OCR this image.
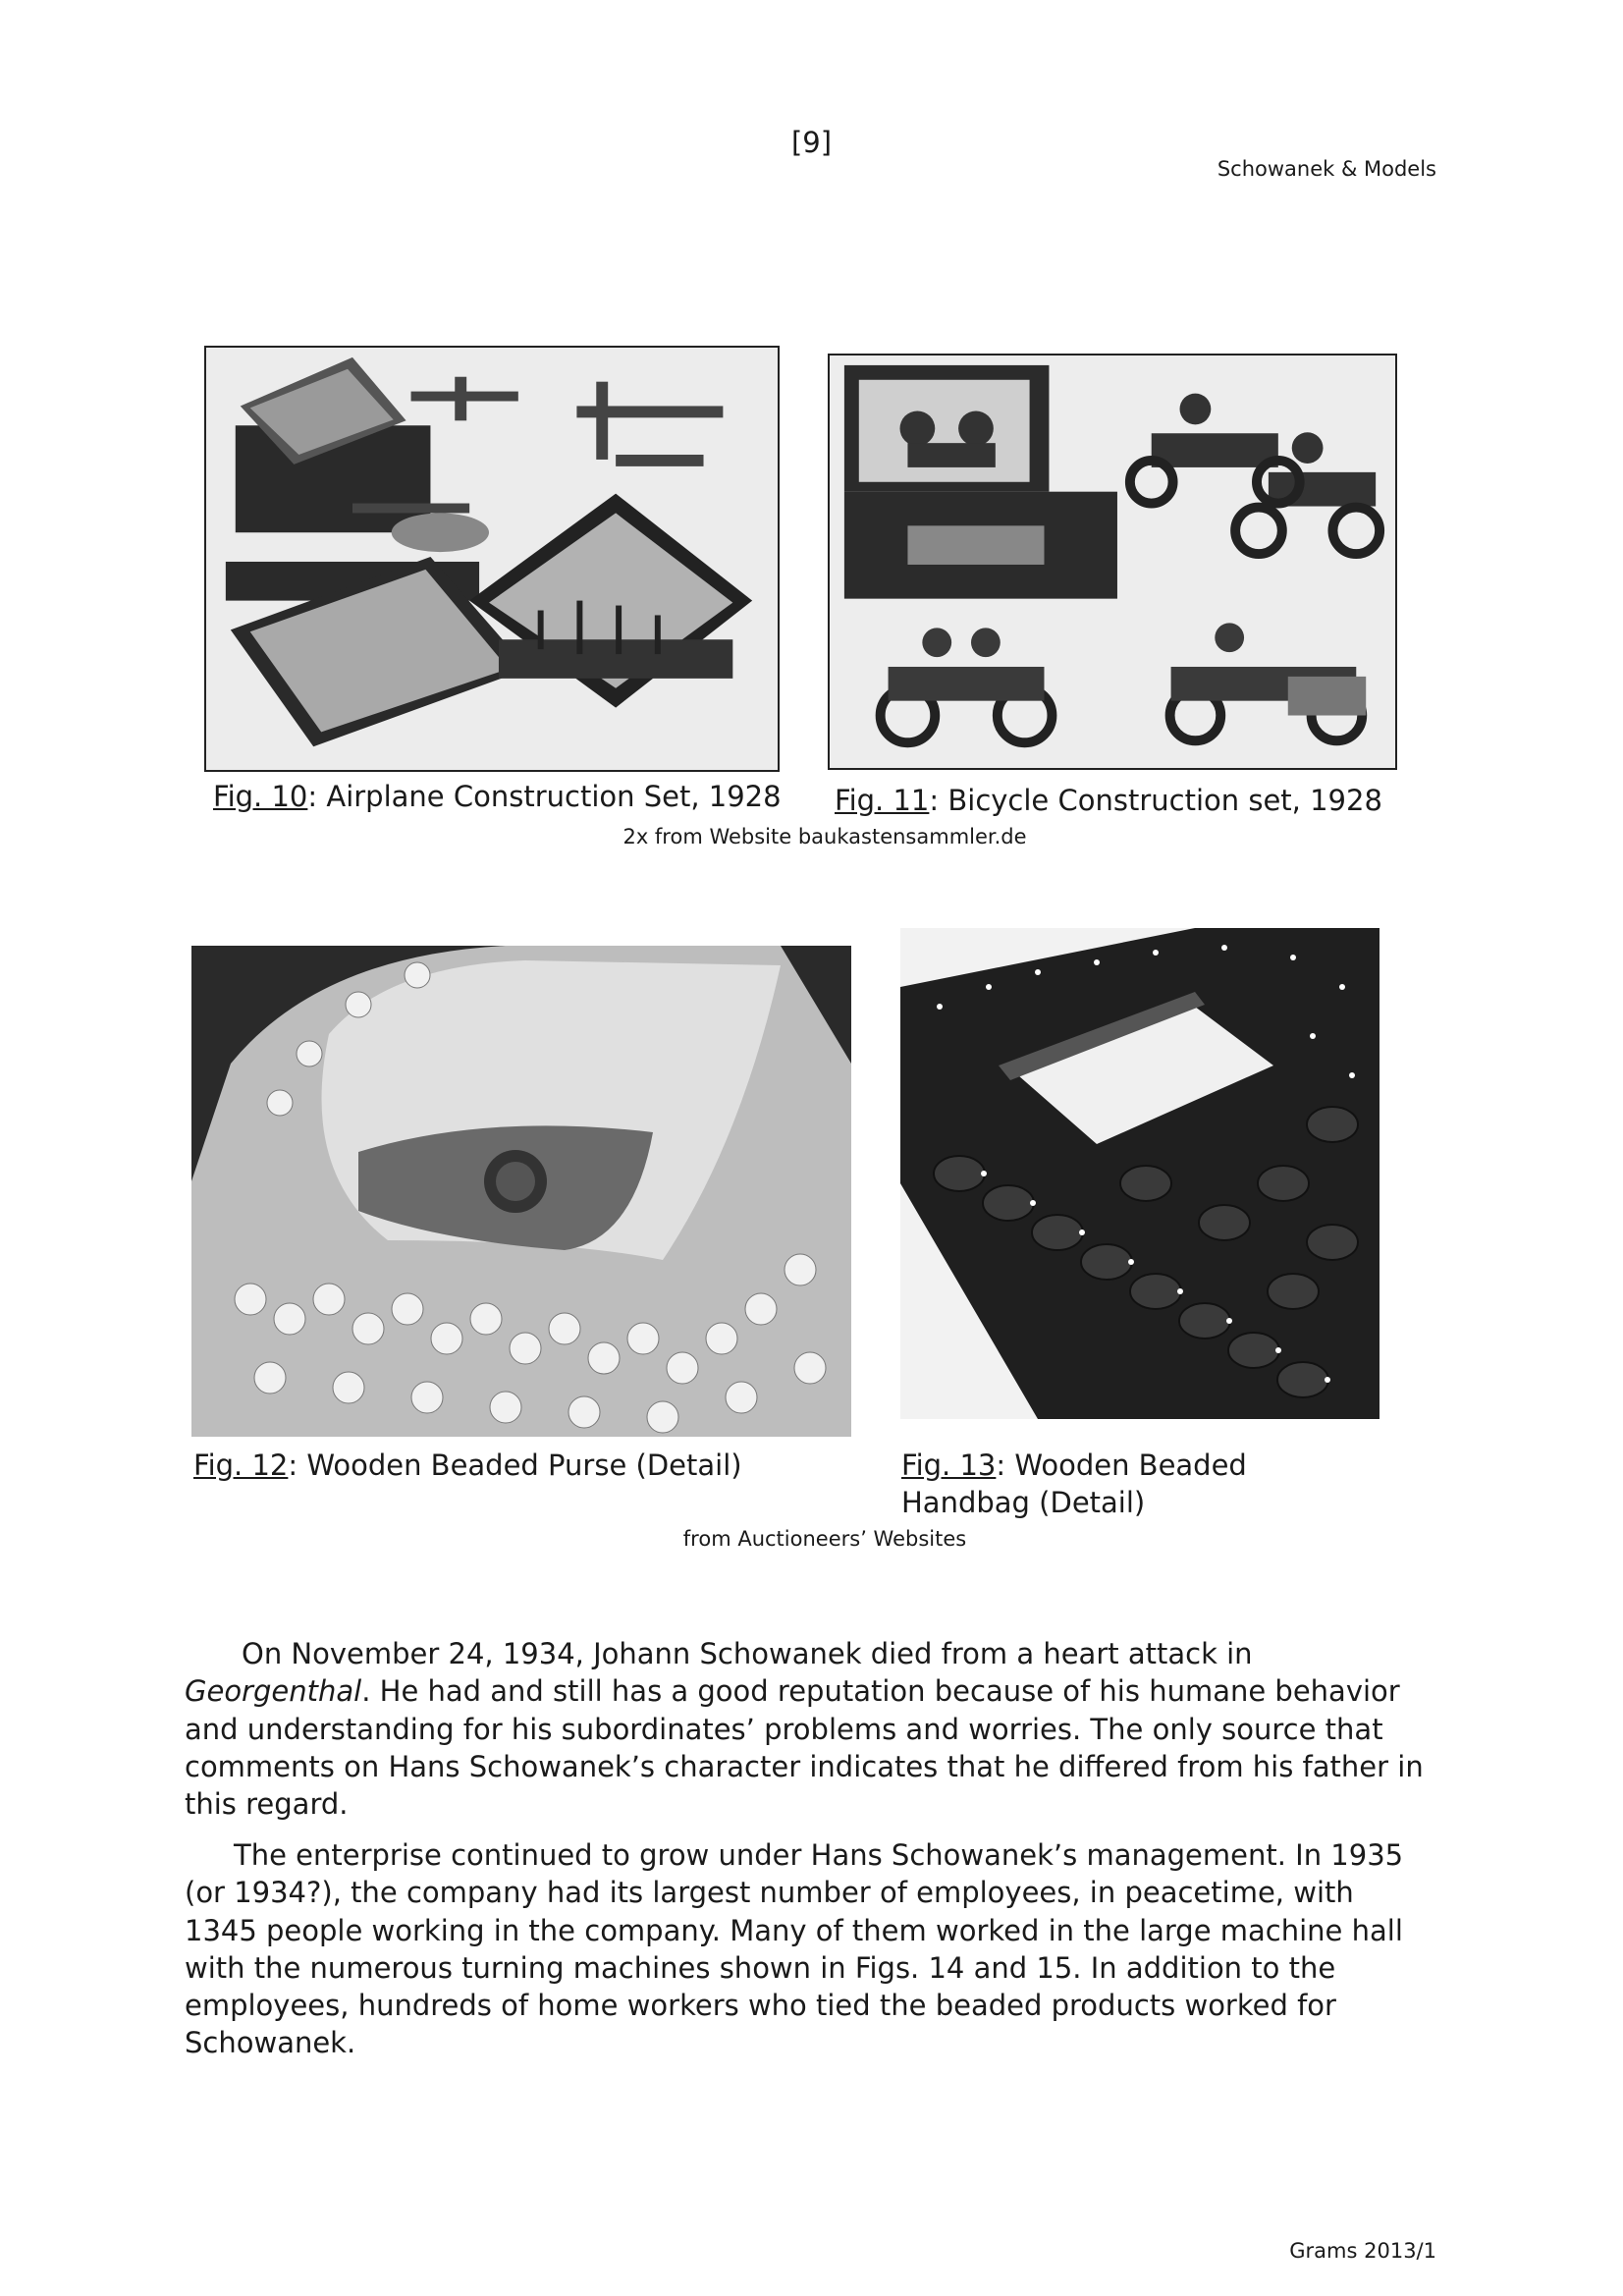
[9]
Schowanek & Models
Fig. 10: Airplane Construction Set, 1928 Fig. 11: Bicycle Construction set, 1928
2x from Website baukastensammler.de
Fig. 12: Wooden Beaded Purse (Detail)	Fig. 13: Wooden Beaded Handbag (Detail)
from Auctioneers’ Websites

On November 24, 1934, Johann Schowanek died from a heart attack in Georgenthal. He had and still has a good reputation because of his humane behavior and understanding for his subordinates’ problems and worries. The only source that comments on Hans Schowanek’s character indicates that he differed from his father in this regard.

The enterprise continued to grow under Hans Schowanek’s management. In 1935 (or 1934?), the company had its largest number of employees, in peacetime, with 1345 people working in the company. Many of them worked in the large machine hall with the numerous turning machines shown in Figs. 14 and 15. In addition to the employees, hundreds of home workers who tied the beaded products worked for Schowanek.

Grams 2013/1
